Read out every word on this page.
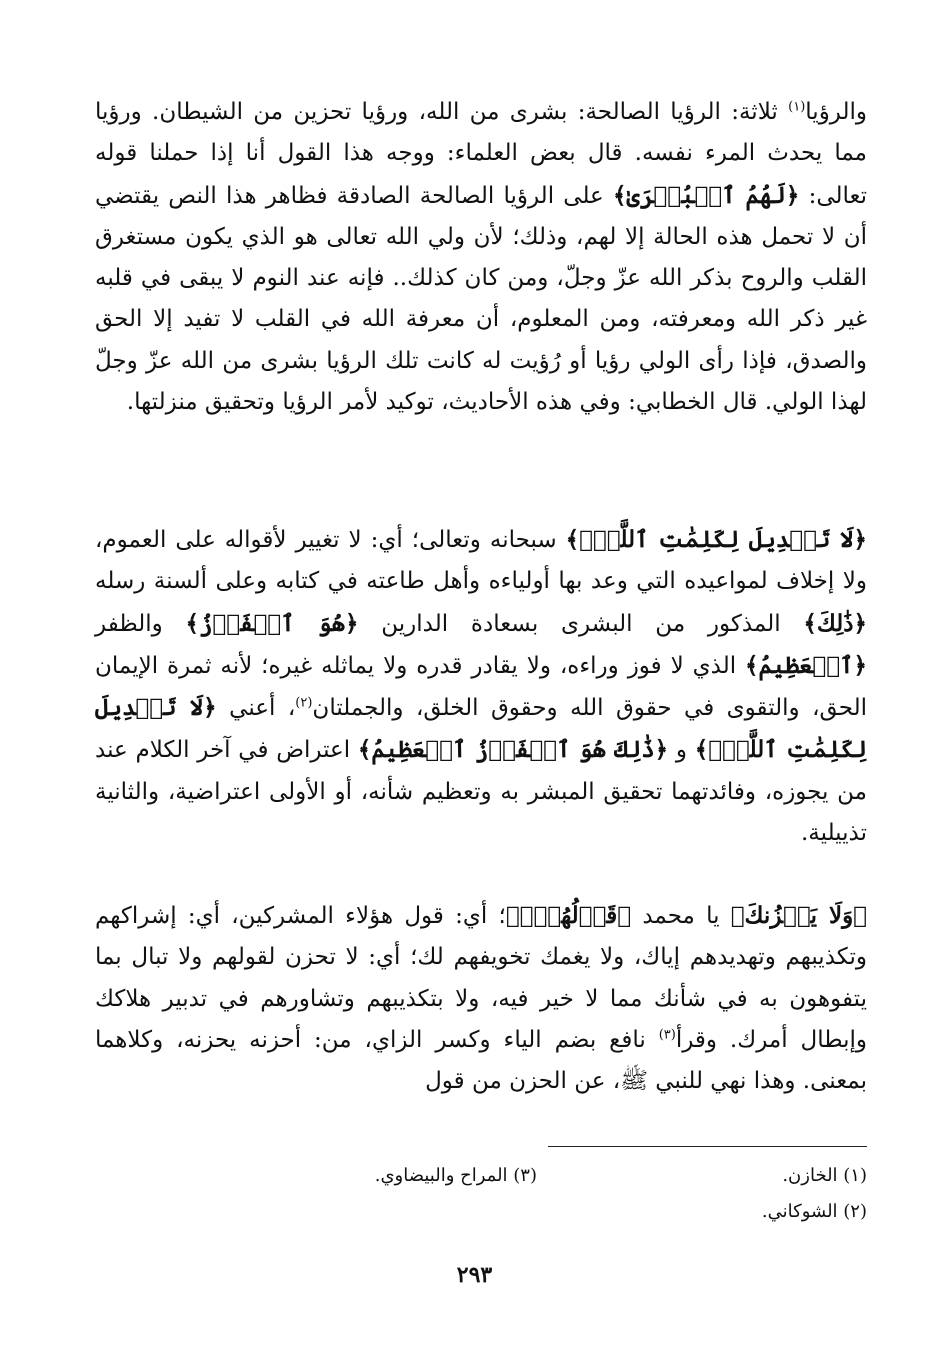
والرؤيا$^{(١)}$ ثلاثة: الرؤيا الصالحة: بشرى من الله، ورؤيا تحزين من الشيطان. ورؤيا مما يحدث المرء نفسه. قال بعض العلماء: ووجه هذا القول أنا إذا حملنا قوله تعالى: ﴿لَهُمُ ٱلۡبُشۡرَىٰ﴾ على الرؤيا الصالحة الصادقة فظاهر هذا النص يقتضي أن لا تحمل هذه الحالة إلا لهم، وذلك؛ لأن ولي الله تعالى هو الذي يكون مستغرق القلب والروح بذكر الله عزّ وجلّ، ومن كان كذلك.. فإنه عند النوم لا يبقى في قلبه غير ذكر الله ومعرفته، ومن المعلوم، أن معرفة الله في القلب لا تفيد إلا الحق والصدق، فإذا رأى الولي رؤيا أو رُؤيت له كانت تلك الرؤيا بشرى من الله عزّ وجلّ لهذا الولي. قال الخطابي: وفي هذه الأحاديث، توكيد لأمر الرؤيا وتحقيق منزلتها.
﴿لَا تَبۡدِيلَ لِكَلِمَٰتِ ٱللَّهِۚ﴾ سبحانه وتعالى؛ أي: لا تغيير لأقواله على العموم، ولا إخلاف لمواعيده التي وعد بها أولياءه وأهل طاعته في كتابه وعلى ألسنة رسله ﴿ذَٰلِكَ﴾ المذكور من البشرى بسعادة الدارين ﴿هُوَ ٱلۡفَوۡزُ﴾ والظفر ﴿ٱلۡعَظِيمُ﴾ الذي لا فوز وراءه، ولا يقادر قدره ولا يماثله غيره؛ لأنه ثمرة الإيمان الحق، والتقوى في حقوق الله وحقوق الخلق، والجملتان$^{(٢)}$، أعني ﴿لَا تَبۡدِيلَ لِكَلِمَٰتِ ٱللَّهِۚ﴾ و ﴿ذَٰلِكَ هُوَ ٱلۡفَوۡزُ ٱلۡعَظِيمُ﴾ اعتراض في آخر الكلام عند من يجوزه، وفائدتهما تحقيق المبشر به وتعظيم شأنه، أو الأولى اعتراضية، والثانية تذييلية.
﴿وَلَا يَحۡزُنكَ﴾ يا محمد ﴿قَوۡلُهُمۡۘ﴾؛ أي: قول هؤلاء المشركين، أي: إشراكهم وتكذيبهم وتهديدهم إياك، ولا يغمك تخويفهم لك؛ أي: لا تحزن لقولهم ولا تبال بما يتفوهون به في شأنك مما لا خير فيه، ولا بتكذيبهم وتشاورهم في تدبير هلاكك وإبطال أمرك. وقرأ$^{(٣)}$ نافع بضم الياء وكسر الزاي، من: أحزنه يحزنه، وكلاهما بمعنى. وهذا نهي للنبي ﷺ، عن الحزن من قول
(١) الخازن.
(٣) المراح والبيضاوي.
(٢) الشوكاني.
٢٩٣
